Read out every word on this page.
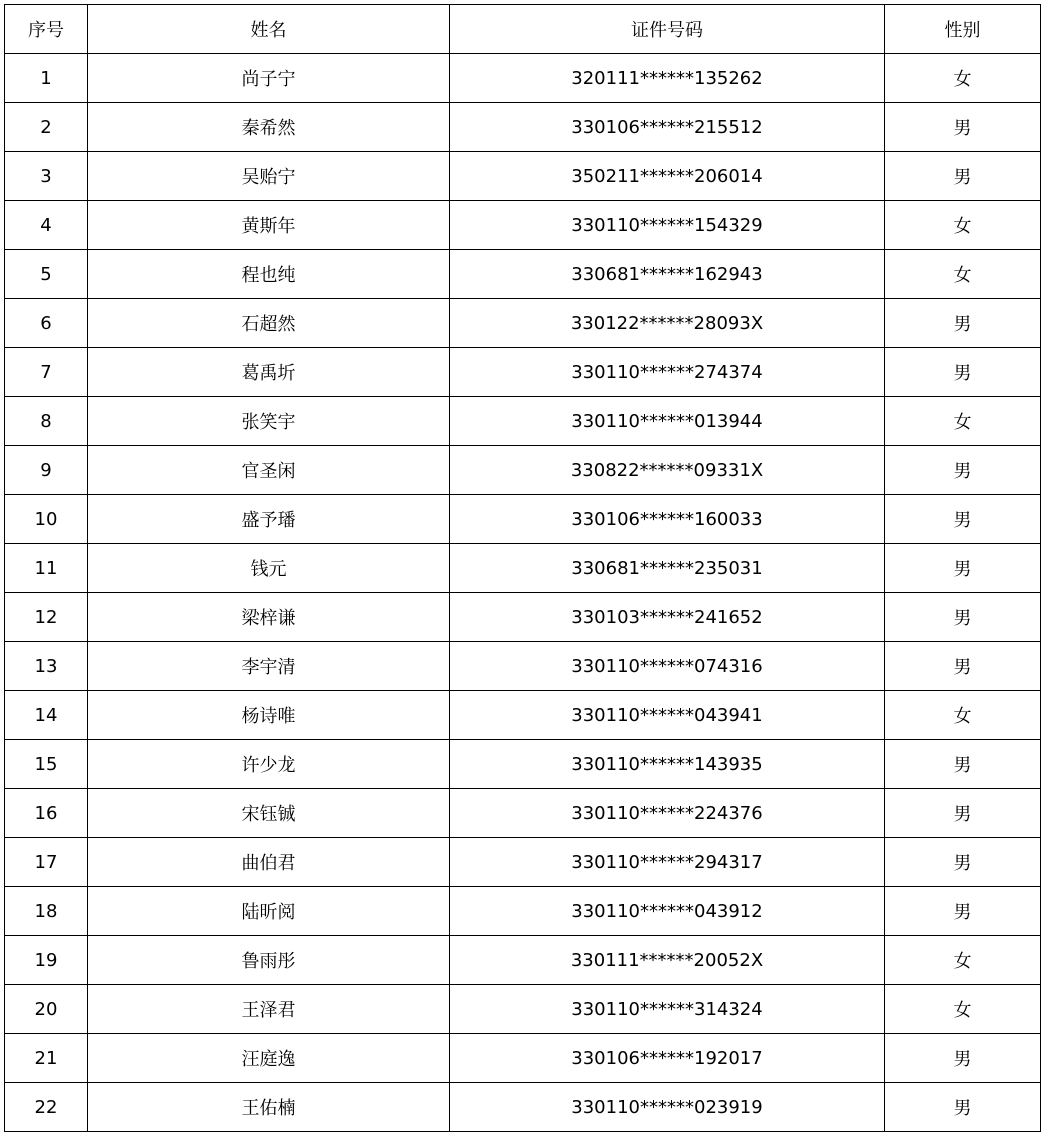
序号	姓名	证件号码	性别
1	尚子宁	320111******135262	女
2	秦希然	330106******215512	男
3	吴贻宁	350211******206014	男
4	黄斯年	330110******154329	女
5	程也纯	330681******162943	女
6	石超然	330122******28093X	男
7	葛禹圻	330110******274374	男
8	张笑宇	330110******013944	女
9	官圣闲	330822******09331X	男
10	盛予璠	330106******160033	男
11	钱元	330681******235031	男
12	梁梓谦	330103******241652	男
13	李宇清	330110******074316	男
14	杨诗唯	330110******043941	女
15	许少龙	330110******143935	男
16	宋钰铖	330110******224376	男
17	曲伯君	330110******294317	男
18	陆昕阅	330110******043912	男
19	鲁雨彤	330111******20052X	女
20	王泽君	330110******314324	女
21	汪庭逸	330106******192017	男
22	王佑楠	330110******023919	男
